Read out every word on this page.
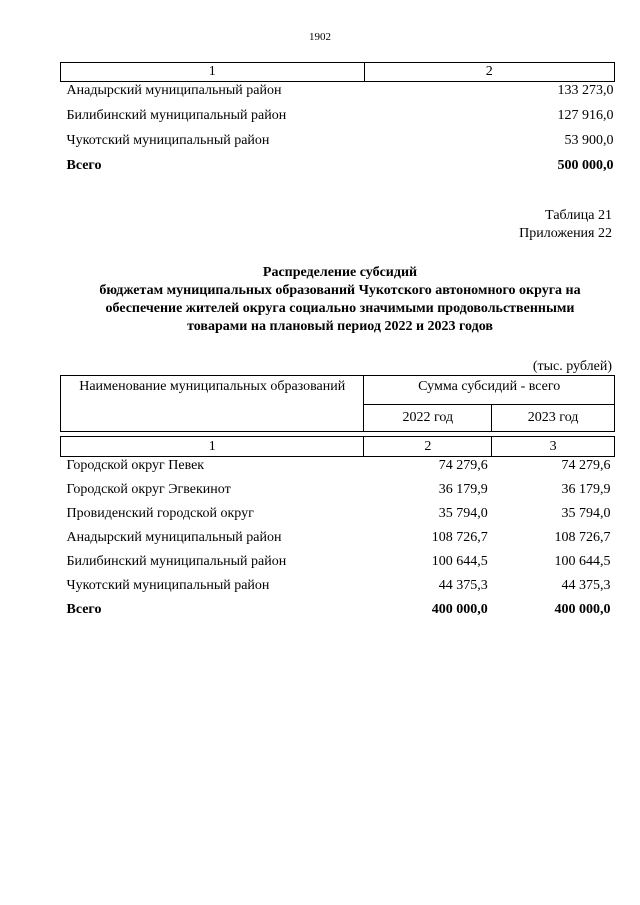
1902
1	2
Анадырский муниципальный район	133 273,0
Билибинский муниципальный район	127 916,0
Чукотский муниципальный район	53 900,0
Всего	500 000,0
Таблица 21
Приложения 22
Распределение субсидий
бюджетам муниципальных образований Чукотского автономного округа на
обеспечение жителей округа социально значимыми продовольственными
товарами на плановый период 2022 и 2023 годов
(тыс. рублей)
Наименование муниципальных образований	Сумма субсидий - всего	
	2022 год	2023 год

1	2	3
Городской округ Певек	74 279,6	74 279,6
Городской округ Эгвекинот	36 179,9	36 179,9
Провиденский городской округ	35 794,0	35 794,0
Анадырский муниципальный район	108 726,7	108 726,7
Билибинский муниципальный район	100 644,5	100 644,5
Чукотский муниципальный район	44 375,3	44 375,3
Всего	400 000,0	400 000,0
